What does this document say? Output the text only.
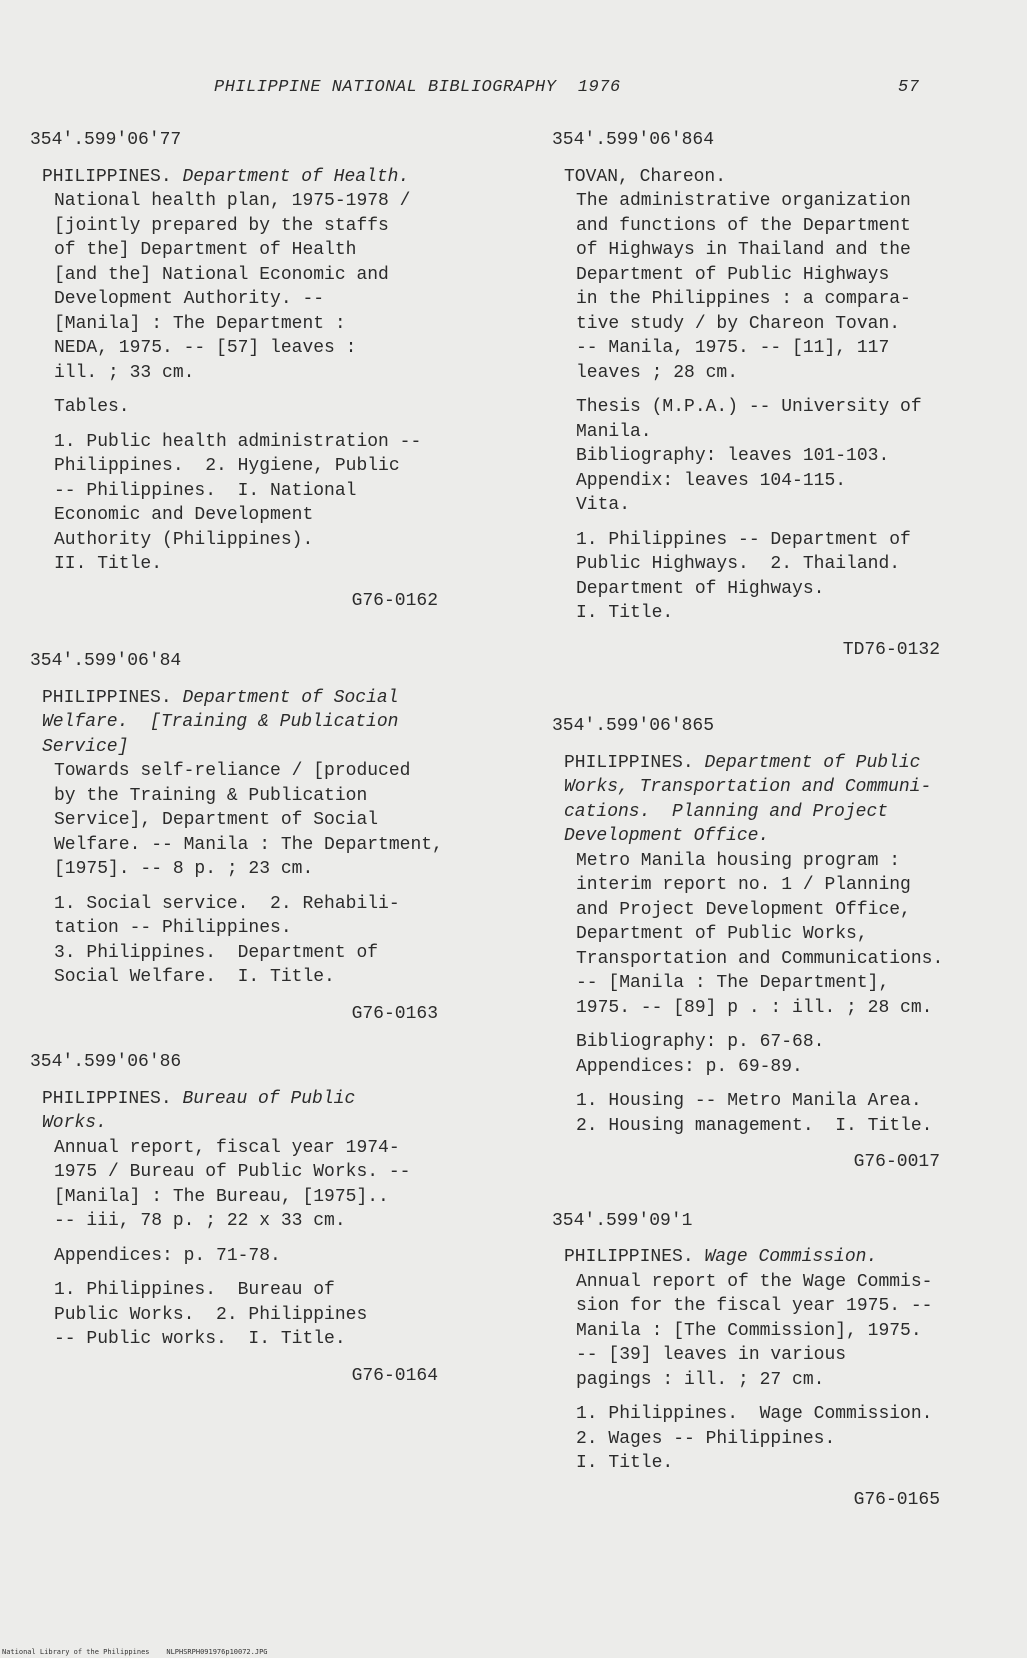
PHILIPPINE NATIONAL BIBLIOGRAPHY  1976	57
354'.599'06'77
PHILIPPINES. Department of Health.
National health plan, 1975-1978 /
[jointly prepared by the staffs
of the] Department of Health
[and the] National Economic and
Development Authority. --
[Manila] : The Department :
NEDA, 1975. -- [57] leaves :
ill. ; 33 cm.
Tables.
1. Public health administration --
Philippines.  2. Hygiene, Public
-- Philippines.  I. National
Economic and Development
Authority (Philippines).
II. Title.
G76-0162
354'.599'06'84
PHILIPPINES. Department of Social
Welfare.  [Training & Publication
Service]
Towards self-reliance / [produced
by the Training & Publication
Service], Department of Social
Welfare. -- Manila : The Department,
[1975]. -- 8 p. ; 23 cm.
1. Social service.  2. Rehabili-
tation -- Philippines.
3. Philippines.  Department of
Social Welfare.  I. Title.
G76-0163
354'.599'06'86
PHILIPPINES. Bureau of Public
Works.
Annual report, fiscal year 1974-
1975 / Bureau of Public Works. --
[Manila] : The Bureau, [1975]..
-- iii, 78 p. ; 22 x 33 cm.
Appendices: p. 71-78.
1. Philippines.  Bureau of
Public Works.  2. Philippines
-- Public works.  I. Title.
G76-0164
354'.599'06'864
TOVAN, Chareon.
The administrative organization
and functions of the Department
of Highways in Thailand and the
Department of Public Highways
in the Philippines : a compara-
tive study / by Chareon Tovan.
-- Manila, 1975. -- [11], 117
leaves ; 28 cm.
Thesis (M.P.A.) -- University of
Manila.
Bibliography: leaves 101-103.
Appendix: leaves 104-115.
Vita.
1. Philippines -- Department of
Public Highways.  2. Thailand.
Department of Highways.
I. Title.
TD76-0132
354'.599'06'865
PHILIPPINES. Department of Public
Works, Transportation and Communi-
cations.  Planning and Project
Development Office.
Metro Manila housing program :
interim report no. 1 / Planning
and Project Development Office,
Department of Public Works,
Transportation and Communications.
-- [Manila : The Department],
1975. -- [89] p . : ill. ; 28 cm.
Bibliography: p. 67-68.
Appendices: p. 69-89.
1. Housing -- Metro Manila Area.
2. Housing management.  I. Title.
G76-0017
354'.599'09'1
PHILIPPINES. Wage Commission.
Annual report of the Wage Commis-
sion for the fiscal year 1975. --
Manila : [The Commission], 1975.
-- [39] leaves in various
pagings : ill. ; 27 cm.
1. Philippines.  Wage Commission.
2. Wages -- Philippines.
I. Title.
G76-0165
National Library of the Philippines    NLPHSRPH091976p10072.JPG
